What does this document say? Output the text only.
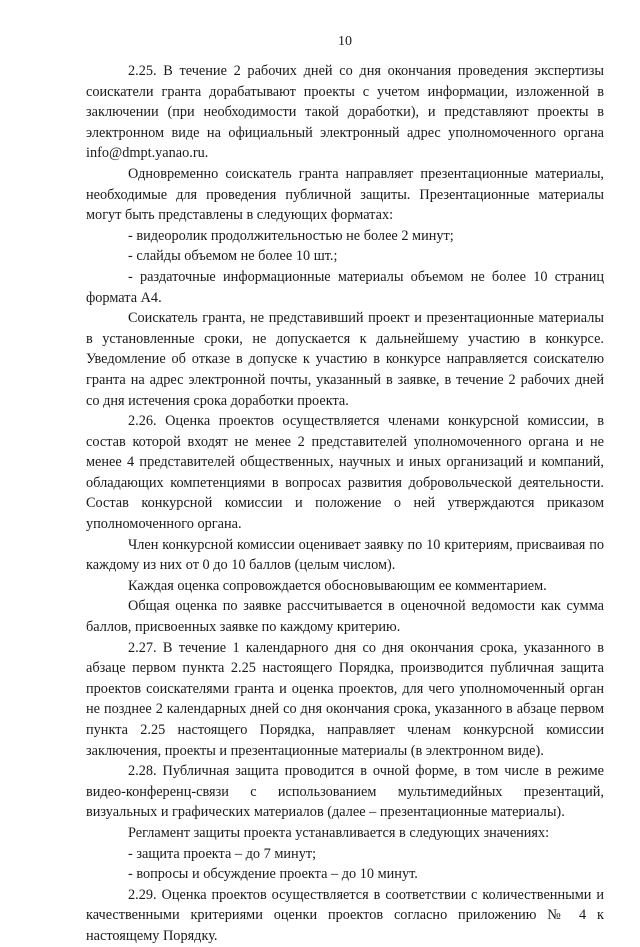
10

2.25. В течение 2 рабочих дней со дня окончания проведения экспертизы соискатели гранта дорабатывают проекты с учетом информации, изложенной в заключении (при необходимости такой доработки), и представляют проекты в электронном виде на официальный электронный адрес уполномоченного органа info@dmpt.yanao.ru.

Одновременно соискатель гранта направляет презентационные материалы, необходимые для проведения публичной защиты. Презентационные материалы могут быть представлены в следующих форматах:

- видеоролик продолжительностью не более 2 минут;

- слайды объемом не более 10 шт.;

- раздаточные информационные материалы объемом не более 10 страниц формата А4.

Соискатель гранта, не представивший проект и презентационные материалы в установленные сроки, не допускается к дальнейшему участию в конкурсе. Уведомление об отказе в допуске к участию в конкурсе направляется соискателю гранта на адрес электронной почты, указанный в заявке, в течение 2 рабочих дней со дня истечения срока доработки проекта.

2.26. Оценка проектов осуществляется членами конкурсной комиссии, в состав которой входят не менее 2 представителей уполномоченного органа и не менее 4 представителей общественных, научных и иных организаций и компаний, обладающих компетенциями в вопросах развития добровольческой деятельности. Состав конкурсной комиссии и положение о ней утверждаются приказом уполномоченного органа.

Член конкурсной комиссии оценивает заявку по 10 критериям, присваивая по каждому из них от 0 до 10 баллов (целым числом).

Каждая оценка сопровождается обосновывающим ее комментарием.

Общая оценка по заявке рассчитывается в оценочной ведомости как сумма баллов, присвоенных заявке по каждому критерию.

2.27. В течение 1 календарного дня со дня окончания срока, указанного в абзаце первом пункта 2.25 настоящего Порядка, производится публичная защита проектов соискателями гранта и оценка проектов, для чего уполномоченный орган не позднее 2 календарных дней со дня окончания срока, указанного в абзаце первом пункта 2.25 настоящего Порядка, направляет членам конкурсной комиссии заключения, проекты и презентационные материалы (в электронном виде).

2.28. Публичная защита проводится в очной форме, в том числе в режиме видео-конференц-связи с использованием мультимедийных презентаций, визуальных и графических материалов (далее – презентационные материалы).

Регламент защиты проекта устанавливается в следующих значениях:

- защита проекта – до 7 минут;

- вопросы и обсуждение проекта – до 10 минут.

2.29. Оценка проектов осуществляется в соответствии с количественными и качественными критериями оценки проектов согласно приложению № 4 к настоящему Порядку.
